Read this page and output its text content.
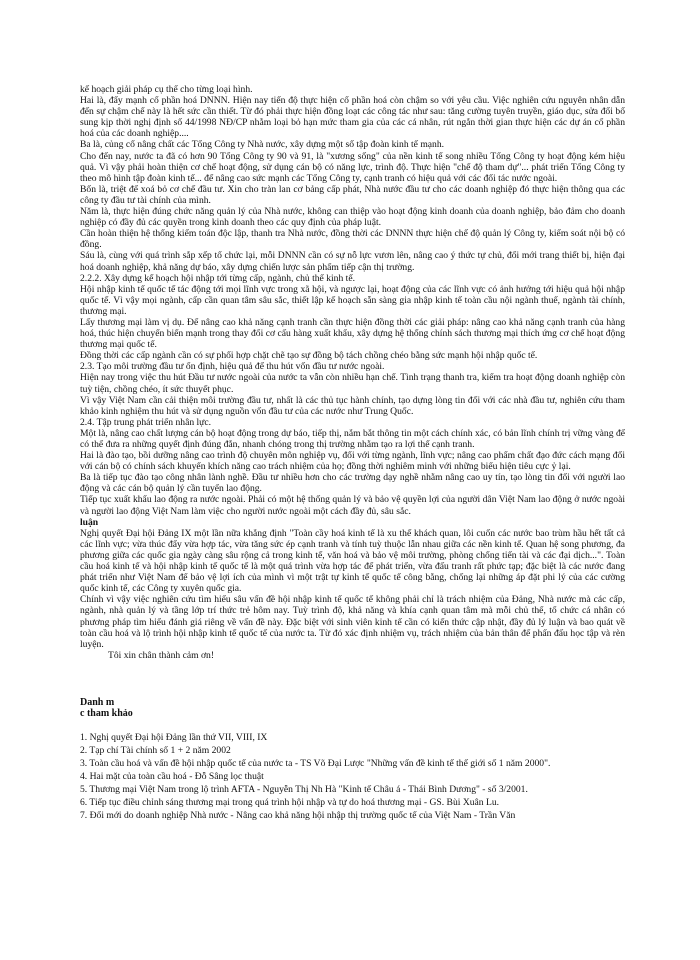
kế hoạch giải pháp cụ thể cho từng loại hình.

Hai là, đẩy mạnh cổ phần hoá DNNN. Hiện nay tiến độ thực hiện cổ phần hoá còn chậm so với yêu cầu. Việc nghiên cứu nguyên nhân dẫn đến sự chậm chế này là hết sức cần thiết. Từ đó phải thực hiện đồng loạt các công tác như sau: tăng cường tuyên truyền, giáo dục, sửa đổi bổ sung kịp thời nghị định số 44/1998 NĐ/CP nhằm loại bỏ hạn mức tham gia của các cá nhân, rút ngắn thời gian thực hiện các dự án cổ phần hoá của các doanh nghiệp....

Ba là, củng cố nâng chất các Tổng Công ty Nhà nước, xây dựng một số tập đoàn kinh tế mạnh.

Cho đến nay, nước ta đã có hơn 90 Tổng Công ty 90 và 91, là "xương sống" của nền kinh tế song nhiều Tổng Công ty hoạt động kém hiệu quả. Vì vậy phải hoàn thiện cơ chế hoạt động, sử dụng cán bộ có năng lực, trình độ. Thực hiện "chế độ tham dự"... phát triển Tổng Công ty theo mô hình tập đoàn kinh tế... để nâng cao sức mạnh các Tổng Công ty, cạnh tranh có hiệu quả với các đối tác nước ngoài.

Bốn là, triệt để xoá bỏ cơ chế đầu tư. Xin cho tràn lan cơ bảng cấp phát, Nhà nước đầu tư cho các doanh nghiệp đó thực hiện thông qua các công ty đầu tư tài chính của mình.

Năm là, thực hiện đúng chức năng quản lý của Nhà nước, không can thiệp vào hoạt động kinh doanh của doanh nghiệp, bảo đảm cho doanh nghiệp có đầy đủ các quyền trong kinh doanh theo các quy định của pháp luật.

Cần hoàn thiện hệ thống kiểm toán độc lập, thanh tra Nhà nước, đồng thời các DNNN thực hiện chế độ quản lý Công ty, kiểm soát nội bộ có đồng.

Sáu là, cùng với quá trình sắp xếp tổ chức lại, mỗi DNNN cần có sự nỗ lực vươn lên, nâng cao ý thức tự chủ, đổi mới trang thiết bị, hiện đại hoá doanh nghiệp, khả năng dự báo, xây dựng chiến lược sản phẩm tiếp cận thị trường.

2.2.2. Xây dựng kế hoạch hội nhập tới từng cấp, ngành, chủ thể kinh tế.

Hội nhập kinh tế quốc tế tác động tới mọi lĩnh vực trong xã hội, và ngược lại, hoạt động của các lĩnh vực có ảnh hưởng tới hiệu quả hội nhập quốc tế. Vì vậy mọi ngành, cấp cần quan tâm sâu sắc, thiết lập kế hoạch sẵn sàng gia nhập kinh tế toàn cầu nội ngành thuế, ngành tài chính, thương mại.

Lấy thương mại làm vị dụ. Để nâng cao khả năng cạnh tranh cần thực hiện đồng thời các giải pháp: nâng cao khả năng cạnh tranh của hàng hoá, thúc hiện chuyển biến mạnh trong thay đổi cơ cấu hàng xuất khẩu, xây dựng hệ thống chính sách thương mại thích ứng cơ chế hoạt động thương mại quốc tế.

Đồng thời các cấp ngành cần có sự phối hợp chặt chẽ tạo sự đồng bộ tách chồng chéo bằng sức mạnh hội nhập quốc tế.

2.3. Tạo môi trường đầu tư ổn định, hiệu quả để thu hút vốn đầu tư nước ngoài.

Hiện nay trong việc thu hút Đầu tư nước ngoài của nước ta vẫn còn nhiều hạn chế. Tình trạng thanh tra, kiểm tra hoạt động doanh nghiệp còn tuỳ tiện, chồng chéo, ít sức thuyết phục.

Vì vậy Việt Nam cần cải thiện môi trường đầu tư, nhất là các thủ tục hành chính, tạo dựng lòng tin đối với các nhà đầu tư, nghiên cứu tham khảo kinh nghiệm thu hút và sử dụng nguồn vốn đầu tư của các nước như Trung Quốc.

2.4. Tập trung phát triển nhân lực.

Một là, nâng cao chất lượng cán bộ hoạt động trong dự báo, tiếp thị, nắm bắt thông tin một cách chính xác, có bản lĩnh chính trị vững vàng để có thể đưa ra những quyết định đúng đắn, nhanh chóng trong thị trường nhằm tạo ra lợi thế cạnh tranh.

Hai là đào tạo, bồi dưỡng nâng cao trình độ chuyên môn nghiệp vụ, đối với từng ngành, lĩnh vực; nâng cao phẩm chất đạo đức cách mạng đối với cán bộ có chính sách khuyến khích năng cao trách nhiệm của họ; đồng thời nghiêm minh với những biểu hiện tiêu cực ỷ lại.

Ba là tiếp tục đào tạo công nhân lành nghề. Đầu tư nhiều hơn cho các trường dạy nghề nhằm nâng cao uy tín, tạo lòng tin đối với người lao động và các cán bộ quản lý cần tuyển lao động.

Tiếp tục xuất khẩu lao động ra nước ngoài. Phải có một hệ thống quản lý và bảo vệ quyền lợi của người dân Việt Nam lao động ở nước ngoài và người lao động Việt Nam làm việc cho người nước ngoài một cách đầy đủ, sâu sắc.

luận

Nghị quyết Đại hội Đảng IX một lần nữa khẳng định "Toàn cầy hoá kinh tế là xu thế khách quan, lôi cuốn các nước bao trùm hầu hết tất cả các lĩnh vực; vừa thúc đẩy vừa hợp tác, vừa tăng sức ép cạnh tranh và tính tuỳ thuộc lẫn nhau giữa các nền kinh tế. Quan hệ song phương, đa phương giữa các quốc gia ngày càng sâu rộng cả trong kinh tế, văn hoá và bảo vệ môi trường, phòng chống tiến tài và các đại dịch...". Toàn cầu hoá kinh tế và hội nhập kinh tế quốc tế là một quá trình vừa hợp tác để phát triển, vừa đấu tranh rất phức tạp; đặc biệt là các nước đang phát triển như Việt Nam để bảo vệ lợi ích của mình vì một trật tự kinh tế quốc tế công bằng, chống lại những áp đặt phi lý của các cường quốc kinh tế, các Công ty xuyên quốc gia.

Chính vì vậy việc nghiên cứu tìm hiểu sâu vấn đề hội nhập kinh tế quốc tế không phải chỉ là trách nhiệm của Đảng, Nhà nước mà các cấp, ngành, nhà quản lý và tầng lớp trí thức trẻ hôm nay. Tuỳ trình độ, khả năng và khía cạnh quan tâm mà mỗi chủ thể, tổ chức cá nhân có phương pháp tìm hiểu đánh giá riêng về vấn đề này. Đặc biệt với sinh viên kinh tế cần có kiến thức cập nhật, đầy đủ lý luận và bao quát về toàn cầu hoá và lộ trình hội nhập kinh tế quốc tế của nước ta. Từ đó xác định nhiệm vụ, trách nhiệm của bản thân để phấn đấu học tập và rèn luyện.

Tôi xin chân thành cảm ơn!

Danh m
c tham khảo

1. Nghị quyết Đại hội Đảng lần thứ VII, VIII, IX

2. Tạp chí Tài chính số 1 + 2 năm 2002

3. Toàn cầu hoá và vấn đề hội nhập quốc tế của nước ta - TS Võ Đại Lược "Những vấn đề kinh tế thế giới số 1 năm 2000".

4. Hai mặt của toàn cầu hoá - Đỗ Sâng lọc thuật

5. Thương mại Việt Nam trong lộ trình AFTA - Nguyễn Thị Nh Hà "Kinh tế Châu á - Thái Bình Dương" - số 3/2001.

6. Tiếp tục điều chỉnh sáng thương mại trong quá trình hội nhập và tự do hoá thương mại - GS. Bùi Xuân Lu.

7. Đổi mới do doanh nghiệp Nhà nước - Nâng cao khả năng hội nhập thị trường quốc tế của Việt Nam - Trần Văn
